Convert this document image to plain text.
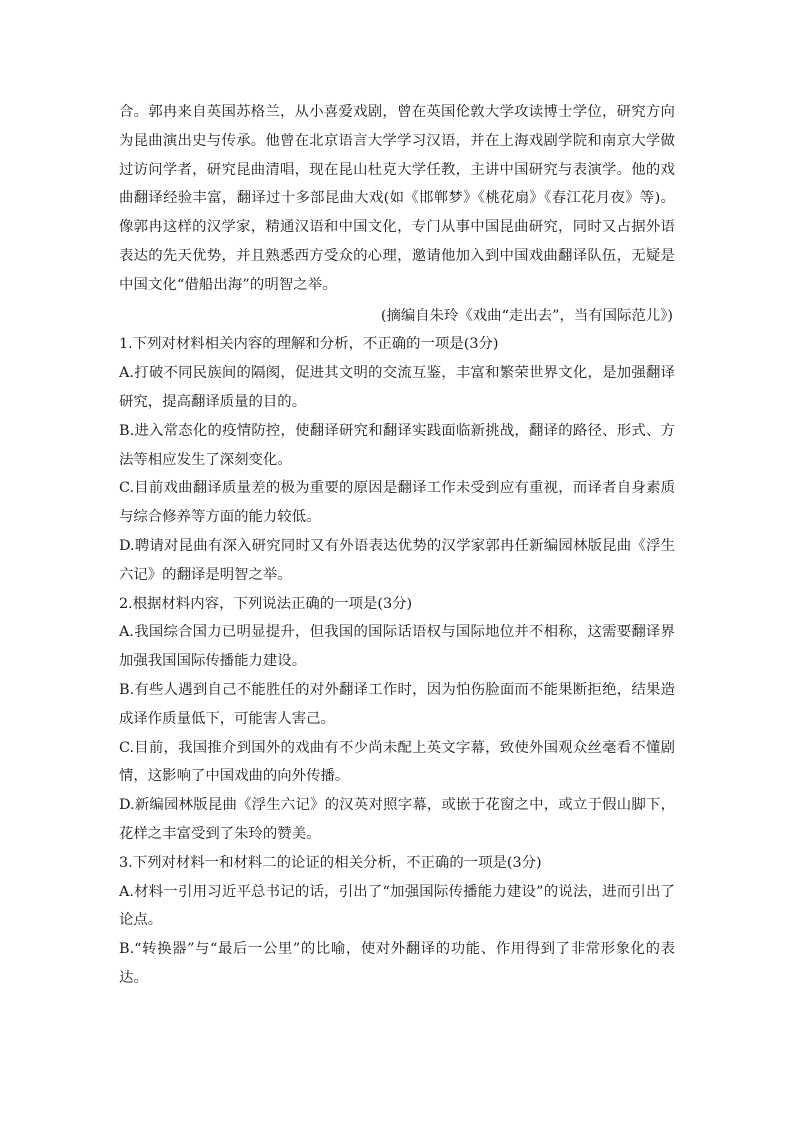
合。郭冉来自英国苏格兰，从小喜爱戏剧，曾在英国伦敦大学攻读博士学位，研究方向为昆曲演出史与传承。他曾在北京语言大学学习汉语，并在上海戏剧学院和南京大学做过访问学者，研究昆曲清唱，现在昆山杜克大学任教，主讲中国研究与表演学。他的戏曲翻译经验丰富，翻译过十多部昆曲大戏(如《邯郸梦》《桃花扇》《春江花月夜》等)。像郭冉这样的汉学家，精通汉语和中国文化，专门从事中国昆曲研究，同时又占据外语表达的先天优势，并且熟悉西方受众的心理，邀请他加入到中国戏曲翻译队伍，无疑是中国文化“借船出海”的明智之举。

(摘编自朱玲《戏曲“走出去”，当有国际范儿》)

1.下列对材料相关内容的理解和分析，不正确的一项是(3分)

A.打破不同民族间的隔阂，促进其文明的交流互鉴，丰富和繁荣世界文化，是加强翻译研究，提高翻译质量的目的。

B.进入常态化的疫情防控，使翻译研究和翻译实践面临新挑战，翻译的路径、形式、方法等相应发生了深刻变化。

C.目前戏曲翻译质量差的极为重要的原因是翻译工作未受到应有重视，而译者自身素质与综合修养等方面的能力较低。

D.聘请对昆曲有深入研究同时又有外语表达优势的汉学家郭冉任新编园林版昆曲《浮生六记》的翻译是明智之举。

2.根据材料内容，下列说法正确的一项是(3分)

A.我国综合国力已明显提升，但我国的国际话语权与国际地位并不相称，这需要翻译界加强我国国际传播能力建设。

B.有些人遇到自己不能胜任的对外翻译工作时，因为怕伤脸面而不能果断拒绝，结果造成译作质量低下，可能害人害己。

C.目前，我国推介到国外的戏曲有不少尚未配上英文字幕，致使外国观众丝毫看不懂剧情，这影响了中国戏曲的向外传播。

D.新编园林版昆曲《浮生六记》的汉英对照字幕，或嵌于花窗之中，或立于假山脚下，花样之丰富受到了朱玲的赞美。

3.下列对材料一和材料二的论证的相关分析，不正确的一项是(3分)

A.材料一引用习近平总书记的话，引出了“加强国际传播能力建设”的说法，进而引出了论点。

B.“转换器”与“最后一公里”的比喻，使对外翻译的功能、作用得到了非常形象化的表达。
